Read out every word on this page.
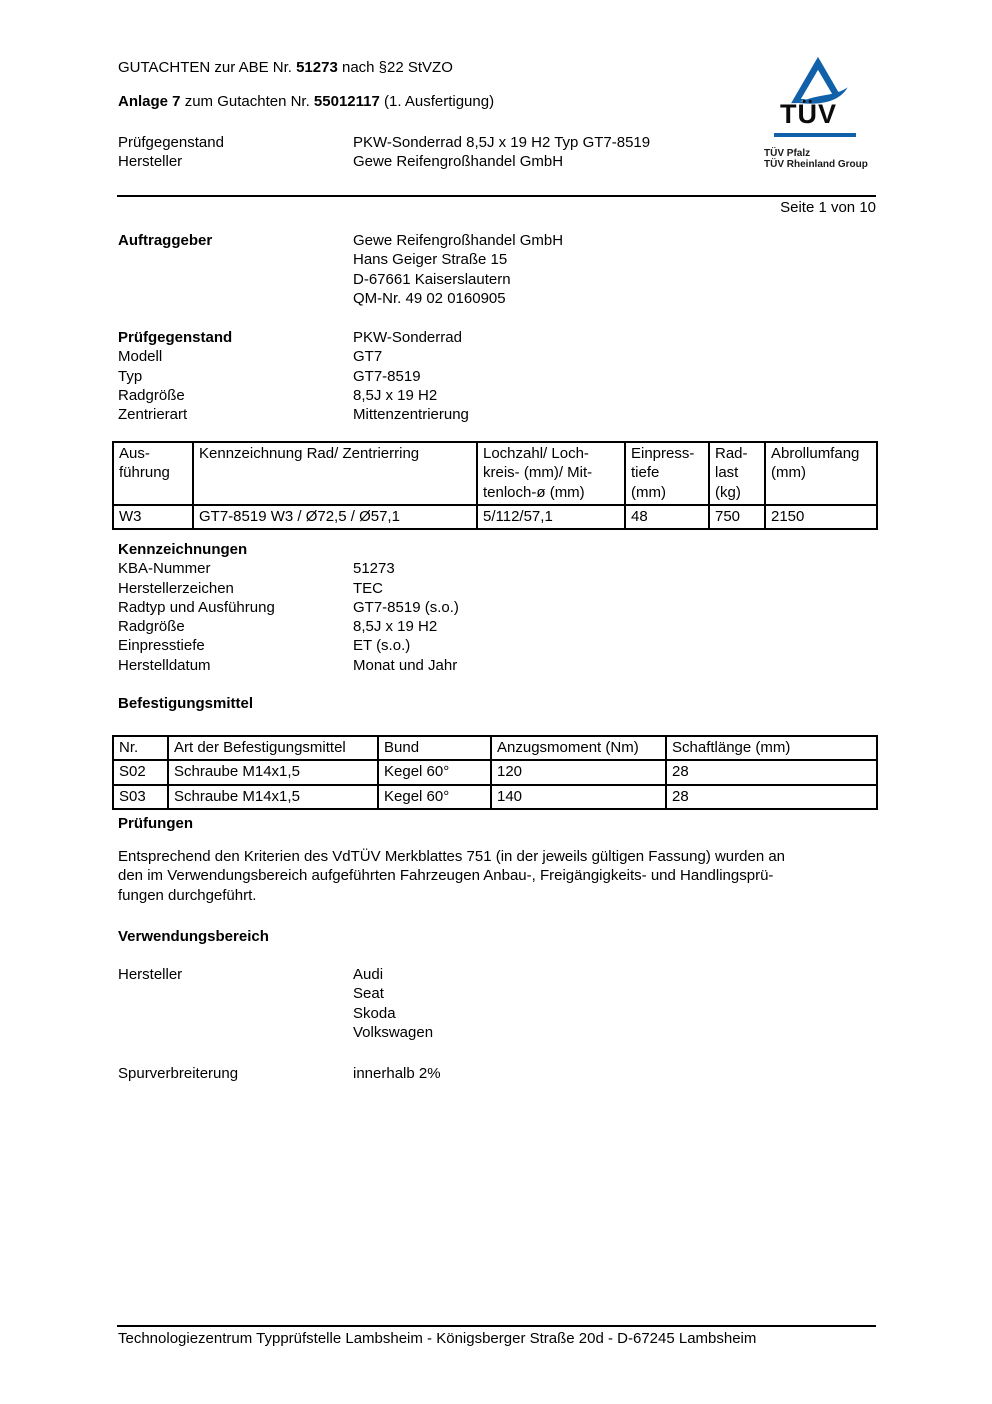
GUTACHTEN zur ABE Nr. 51273 nach §22 StVZO
Anlage 7 zum Gutachten Nr. 55012117 (1. Ausfertigung)
Prüfgegenstand	PKW-Sonderrad 8,5J x 19 H2 Typ GT7-8519
Hersteller	Gewe Reifengroßhandel GmbH
TÜV
TÜV Pfalz
TÜV Rheinland Group
Seite 1 von 10
Auftraggeber	Gewe Reifengroßhandel GmbH
Hans Geiger Straße 15
D-67661 Kaiserslautern
QM-Nr. 49 02 0160905
Prüfgegenstand	PKW-Sonderrad
Modell	GT7
Typ	GT7-8519
Radgröße	8,5J x 19 H2
Zentrierart	Mittenzentrierung
Aus-
führung	Kennzeichnung Rad/ Zentrierring	Lochzahl/ Loch-
kreis- (mm)/ Mit-
tenloch-ø (mm)	Einpress-
tiefe
(mm)	Rad-
last
(kg)	Abrollumfang
(mm)
W3	GT7-8519 W3 / Ø72,5 / Ø57,1	5/112/57,1	48	750	2150
Kennzeichnungen
KBA-Nummer	51273
Herstellerzeichen	TEC
Radtyp und Ausführung	GT7-8519 (s.o.)
Radgröße	8,5J x 19 H2
Einpresstiefe	ET (s.o.)
Herstelldatum	Monat und Jahr
Befestigungsmittel
Nr.	Art der Befestigungsmittel	Bund	Anzugsmoment (Nm)	Schaftlänge (mm)
S02	Schraube M14x1,5	Kegel 60°	120	28
S03	Schraube M14x1,5	Kegel 60°	140	28
Prüfungen
Entsprechend den Kriterien des VdTÜV Merkblattes 751 (in der jeweils gültigen Fassung) wurden an
den im Verwendungsbereich aufgeführten Fahrzeugen Anbau-, Freigängigkeits- und Handlingsprü-
fungen durchgeführt.
Verwendungsbereich
Hersteller	Audi
Seat
Skoda
Volkswagen
Spurverbreiterung	innerhalb 2%
Technologiezentrum Typprüfstelle Lambsheim - Königsberger Straße 20d - D-67245 Lambsheim
